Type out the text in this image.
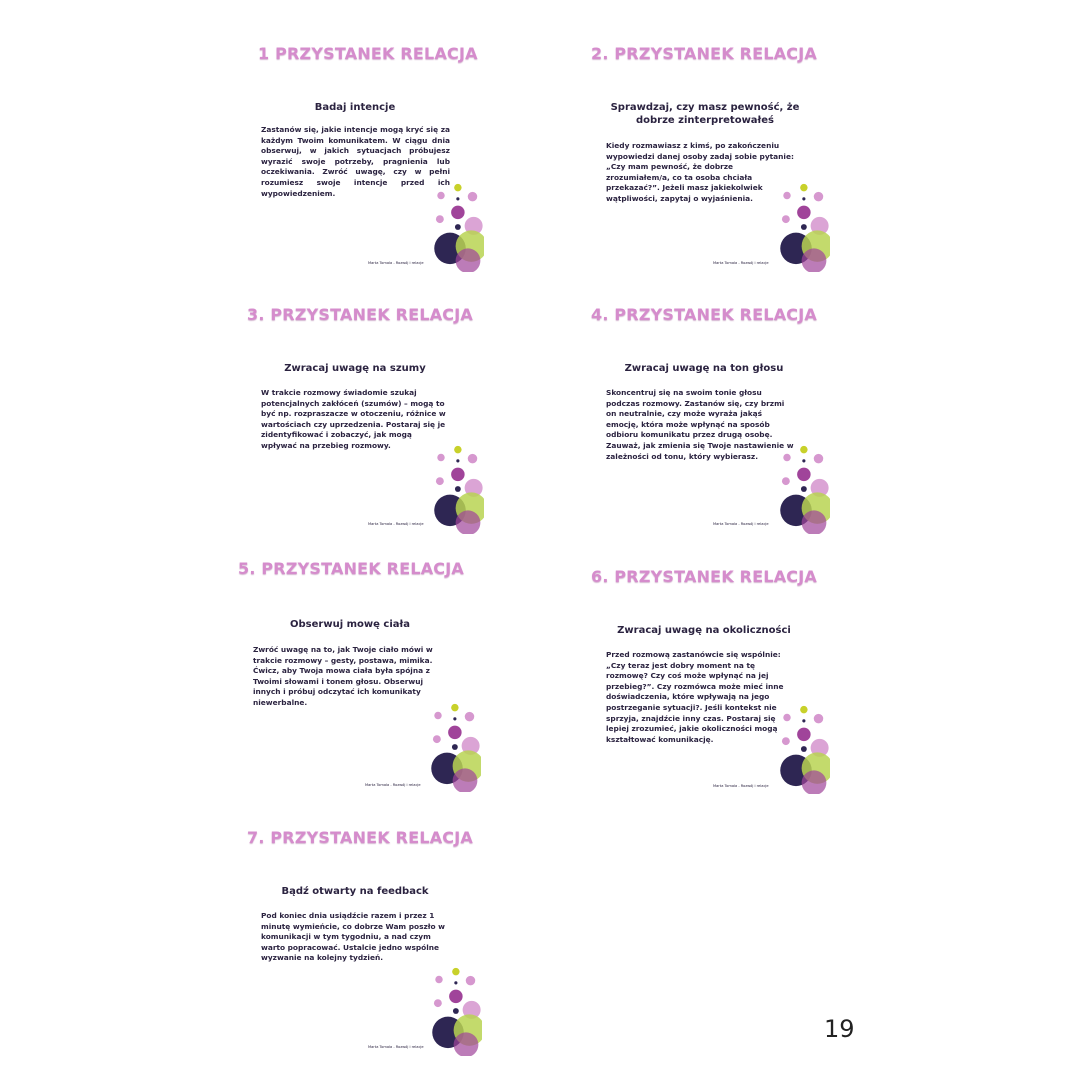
1 PRZYSTANEK RELACJA
Badaj intencje
Zastanów się, jakie intencje mogą kryć się za każdym Twoim komunikatem. W ciągu dnia obserwuj, w jakich sytuacjach próbujesz wyrazić swoje potrzeby, pragnienia lub oczekiwania. Zwróć uwagę, czy w pełni rozumiesz swoje intencje przed ich wypowiedzeniem.
Marta Tomala - Rozwój i relacje
2. PRZYSTANEK RELACJA
Sprawdzaj, czy masz pewność, że dobrze zinterpretowałeś
Kiedy rozmawiasz z kimś, po zakończeniu wypowiedzi danej osoby zadaj sobie pytanie: „Czy mam pewność, że dobrze zrozumiałem/a, co ta osoba chciała przekazać?”. Jeżeli masz jakiekolwiek wątpliwości, zapytaj o wyjaśnienia.
Marta Tomala - Rozwój i relacje
3. PRZYSTANEK RELACJA
Zwracaj uwagę na szumy
W trakcie rozmowy świadomie szukaj potencjalnych zakłóceń (szumów) – mogą to być np. rozpraszacze w otoczeniu, różnice w wartościach czy uprzedzenia. Postaraj się je zidentyfikować i zobaczyć, jak mogą wpływać na przebieg rozmowy.
Marta Tomala - Rozwój i relacje
4. PRZYSTANEK RELACJA
Zwracaj uwagę na ton głosu
Skoncentruj się na swoim tonie głosu podczas rozmowy. Zastanów się, czy brzmi on neutralnie, czy może wyraża jakąś emocję, która może wpłynąć na sposób odbioru komunikatu przez drugą osobę. Zauważ, jak zmienia się Twoje nastawienie w zależności od tonu, który wybierasz.
Marta Tomala - Rozwój i relacje
5. PRZYSTANEK RELACJA
Obserwuj mowę ciała
Zwróć uwagę na to, jak Twoje ciało mówi w trakcie rozmowy – gesty, postawa, mimika. Ćwicz, aby Twoja mowa ciała była spójna z Twoimi słowami i tonem głosu. Obserwuj innych i próbuj odczytać ich komunikaty niewerbalne.
Marta Tomala - Rozwój i relacje
6. PRZYSTANEK RELACJA
Zwracaj uwagę na okoliczności
Przed rozmową zastanówcie się wspólnie: „Czy teraz jest dobry moment na tę rozmowę? Czy coś może wpłynąć na jej przebieg?”. Czy rozmówca może mieć inne doświadczenia, które wpływają na jego postrzeganie sytuacji?. Jeśli kontekst nie sprzyja, znajdźcie inny czas. Postaraj się lepiej zrozumieć, jakie okoliczności mogą kształtować komunikację.
Marta Tomala - Rozwój i relacje
7. PRZYSTANEK RELACJA
Bądź otwarty na feedback
Pod koniec dnia usiądźcie razem i przez 1 minutę wymieńcie, co dobrze Wam poszło w komunikacji w tym tygodniu, a nad czym warto popracować. Ustalcie jedno wspólne wyzwanie na kolejny tydzień.
Marta Tomala - Rozwój i relacje
19
